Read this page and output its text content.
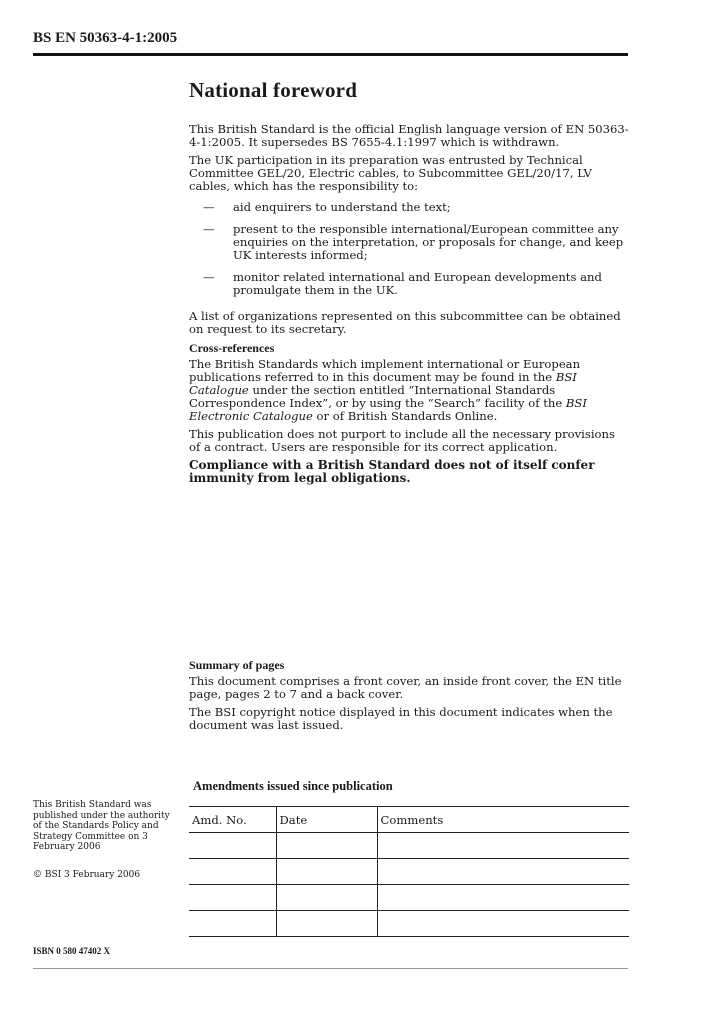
BS EN 50363-4-1:2005
National foreword

This British Standard is the official English language version of EN 50363-4-1:2005. It supersedes BS 7655-4.1:1997 which is withdrawn.

The UK participation in its preparation was entrusted by Technical Committee GEL/20, Electric cables, to Subcommittee GEL/20/17, LV cables, which has the responsibility to:

— aid enquirers to understand the text;
— present to the responsible international/European committee any enquiries on the interpretation, or proposals for change, and keep UK interests informed;
— monitor related international and European developments and promulgate them in the UK.

A list of organizations represented on this subcommittee can be obtained on request to its secretary.

Cross-references

The British Standards which implement international or European publications referred to in this document may be found in the BSI Catalogue under the section entitled “International Standards Correspondence Index”, or by using the “Search” facility of the BSI Electronic Catalogue or of British Standards Online.

This publication does not purport to include all the necessary provisions of a contract. Users are responsible for its correct application.

Compliance with a British Standard does not of itself confer immunity from legal obligations.

Summary of pages

This document comprises a front cover, an inside front cover, the EN title page, pages 2 to 7 and a back cover.

The BSI copyright notice displayed in this document indicates when the document was last issued.

This British Standard was published under the authority of the Standards Policy and Strategy Committee on 3 February 2006
© BSI 3 February 2006
Amendments issued since publication
Amd. No.	Date	Comments

ISBN 0 580 47402 X
